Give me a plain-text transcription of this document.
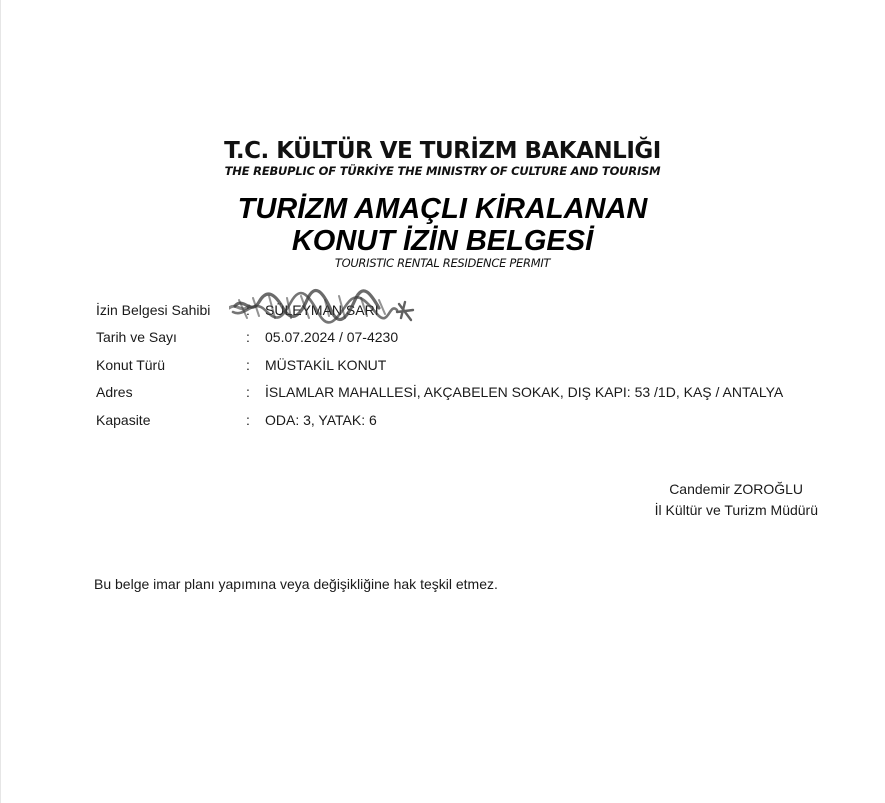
T.C. KÜLTÜR VE TURİZM BAKANLIĞI
THE REBUPLIC OF TÜRKİYE THE MINISTRY OF CULTURE AND TOURISM
TURİZM AMAÇLI KİRALANAN
KONUT İZİN BELGESİ
TOURISTIC RENTAL RESIDENCE PERMIT
İzin Belgesi Sahibi	:	SÜLEYMAN SARI

Tarih ve Sayı	:	05.07.2024 / 07-4230
Konut Türü	:	MÜSTAKİL KONUT
Adres	:	İSLAMLAR MAHALLESİ, AKÇABELEN SOKAK, DIŞ KAPI: 53 /1D, KAŞ / ANTALYA
Kapasite	:	ODA: 3, YATAK: 6
Candemir ZOROĞLU
İl Kültür ve Turizm Müdürü
Bu belge imar planı yapımına veya değişikliğine hak teşkil etmez.
